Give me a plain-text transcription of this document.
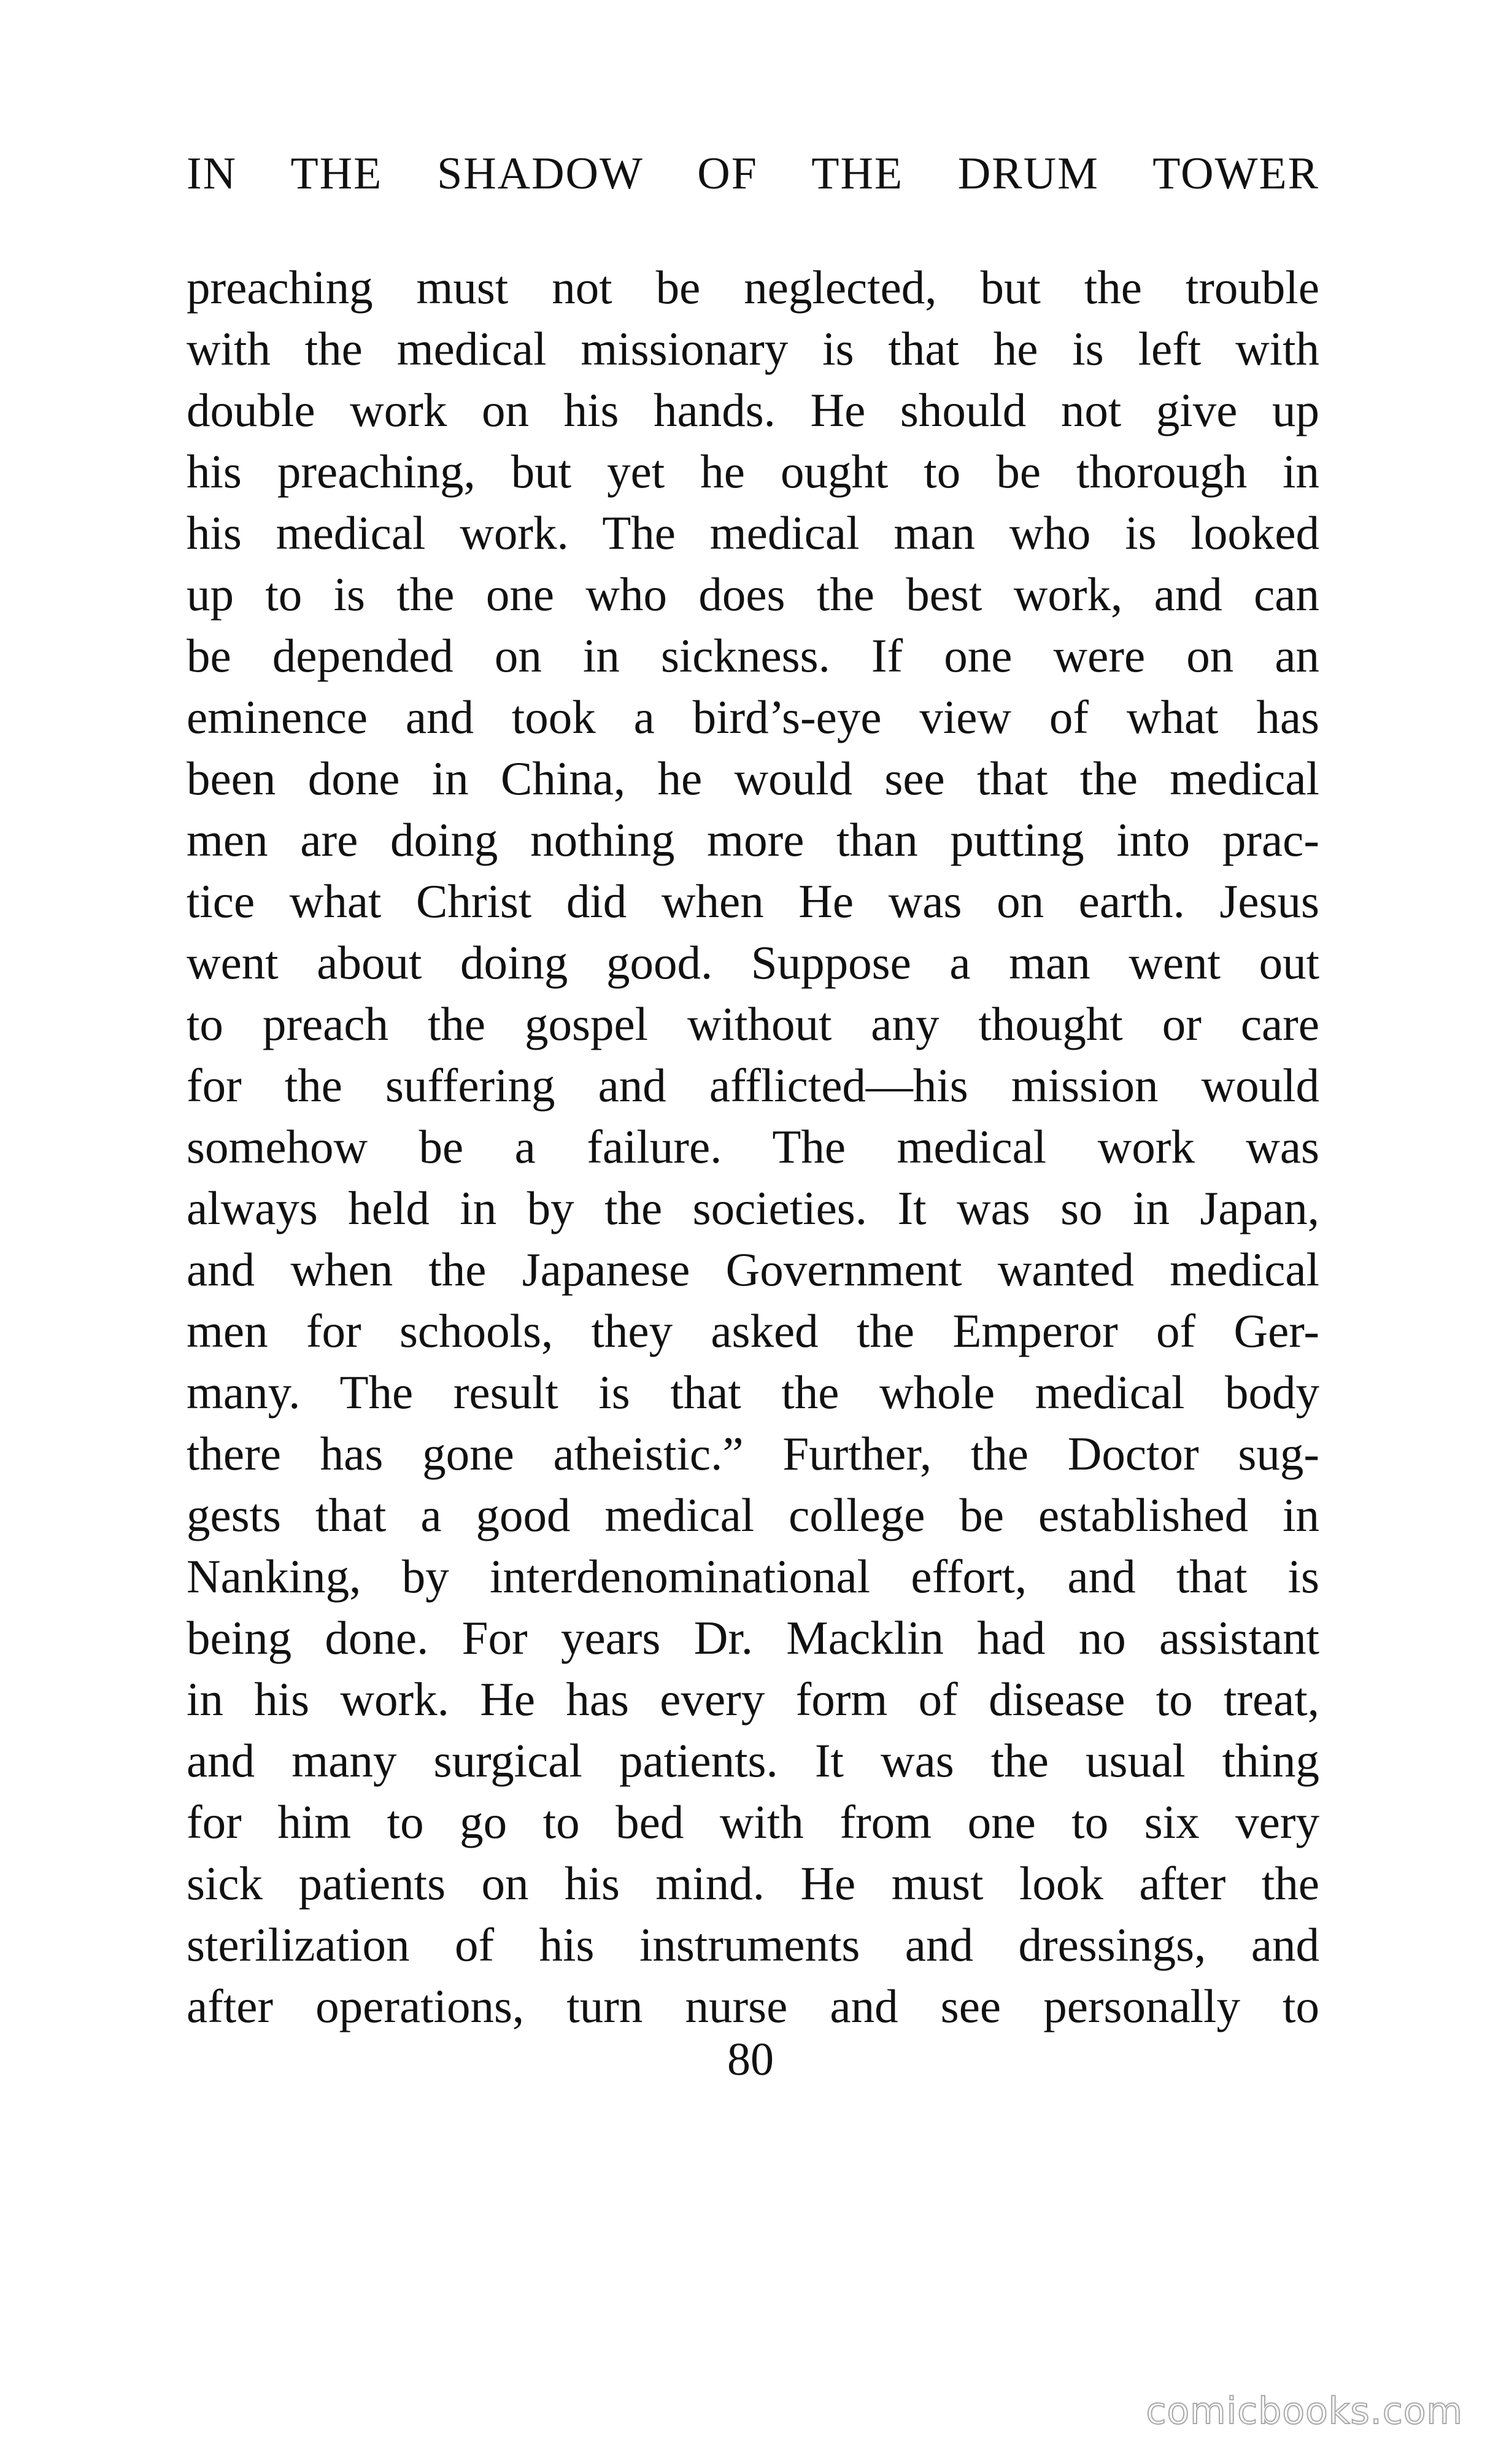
IN THE SHADOW OF THE DRUM TOWER
preaching must not be neglected, but the trouble
with the medical missionary is that he is left with
double work on his hands. He should not give up
his preaching, but yet he ought to be thorough in
his medical work. The medical man who is looked
up to is the one who does the best work, and can
be depended on in sickness. If one were on an
eminence and took a bird’s-eye view of what has
been done in China, he would see that the medical
men are doing nothing more than putting into prac-
tice what Christ did when He was on earth. Jesus
went about doing good. Suppose a man went out
to preach the gospel without any thought or care
for the suffering and afflicted—his mission would
somehow be a failure. The medical work was
always held in by the societies. It was so in Japan,
and when the Japanese Government wanted medical
men for schools, they asked the Emperor of Ger-
many. The result is that the whole medical body
there has gone atheistic.” Further, the Doctor sug-
gests that a good medical college be established in
Nanking, by interdenominational effort, and that is
being done. For years Dr. Macklin had no assistant
in his work. He has every form of disease to treat,
and many surgical patients. It was the usual thing
for him to go to bed with from one to six very
sick patients on his mind. He must look after the
sterilization of his instruments and dressings, and
after operations, turn nurse and see personally to
80
comicbooks.com
